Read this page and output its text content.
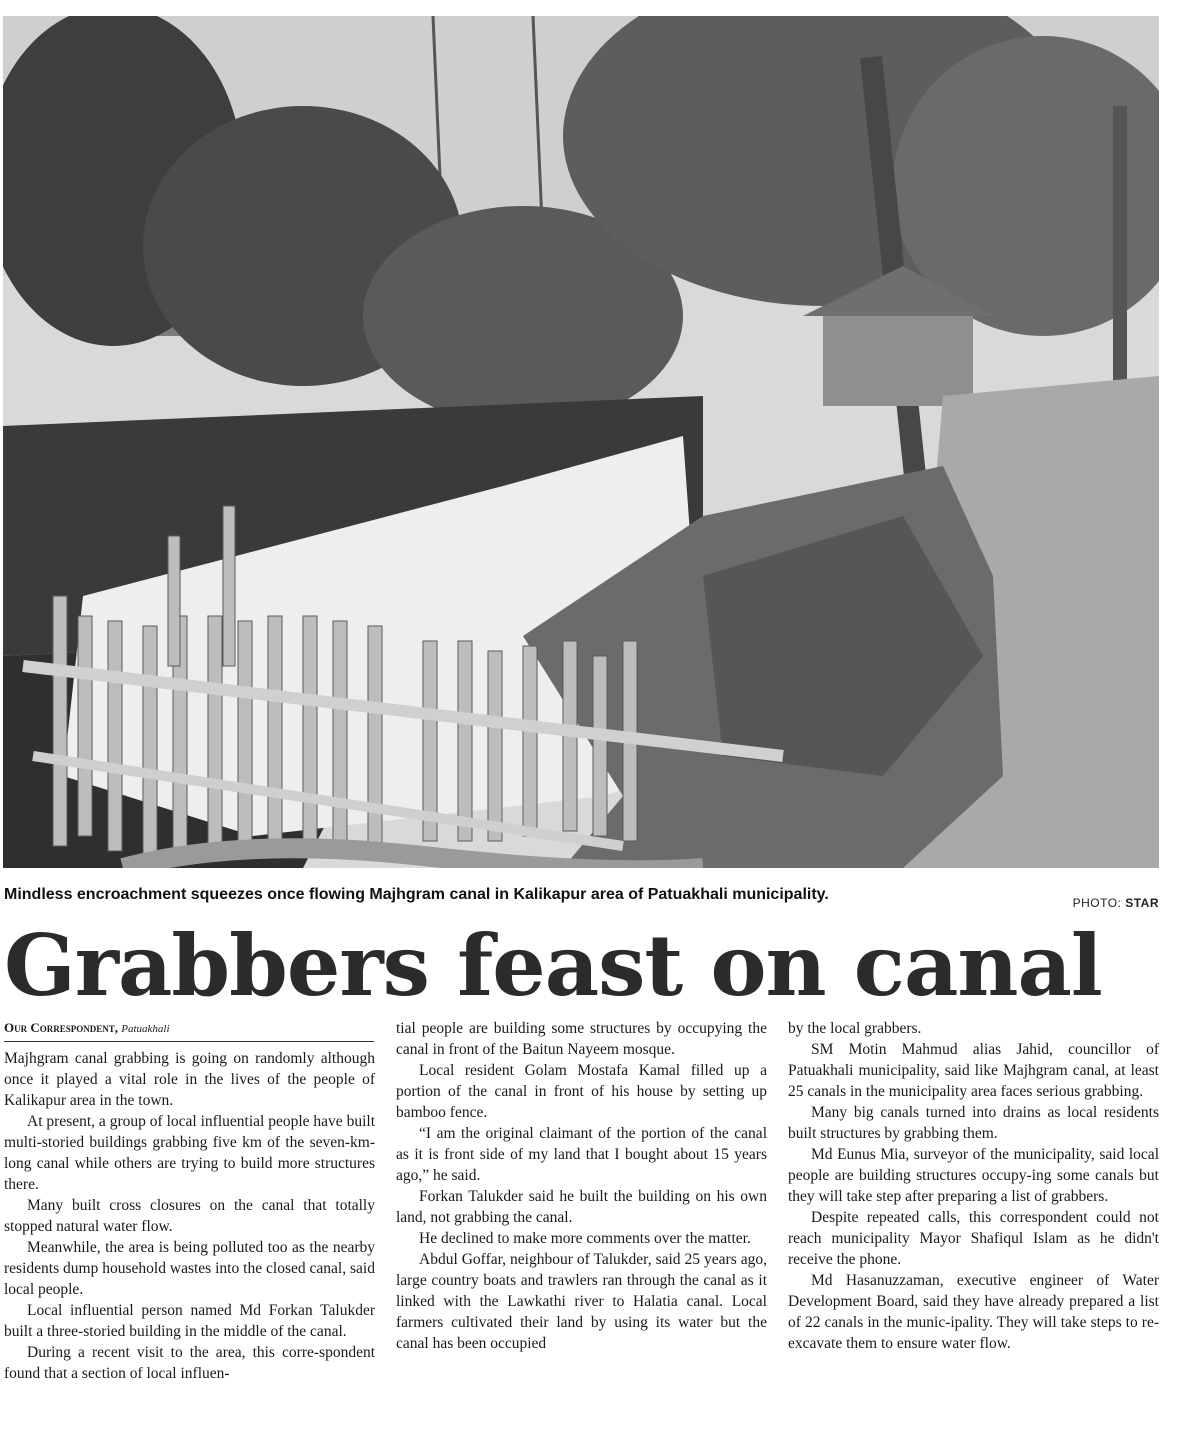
Mindless encroachment squeezes once flowing Majhgram canal in Kalikapur area of Patuakhali municipality.	PHOTO: STAR
Grabbers feast on canal
Our Correspondent, Patuakhali

Majhgram canal grabbing is going on randomly although once it played a vital role in the lives of the people of Kalikapur area in the town.

At present, a group of local influential people have built multi-storied buildings grabbing five km of the seven-km-long canal while others are trying to build more structures there.

Many built cross closures on the canal that totally stopped natural water flow.

Meanwhile, the area is being polluted too as the nearby residents dump household wastes into the closed canal, said local people.

Local influential person named Md Forkan Talukder built a three-storied building in the middle of the canal.

During a recent visit to the area, this corre-spondent found that a section of local influen-

tial people are building some structures by occupying the canal in front of the Baitun Nayeem mosque.

Local resident Golam Mostafa Kamal filled up a portion of the canal in front of his house by setting up bamboo fence.

“I am the original claimant of the portion of the canal as it is front side of my land that I bought about 15 years ago,” he said.

Forkan Talukder said he built the building on his own land, not grabbing the canal.

He declined to make more comments over the matter.

Abdul Goffar, neighbour of Talukder, said 25 years ago, large country boats and trawlers ran through the canal as it linked with the Lawkathi river to Halatia canal. Local farmers cultivated their land by using its water but the canal has been occupied

by the local grabbers.

SM Motin Mahmud alias Jahid, councillor of Patuakhali municipality, said like Majhgram canal, at least 25 canals in the municipality area faces serious grabbing.

Many big canals turned into drains as local residents built structures by grabbing them.

Md Eunus Mia, surveyor of the municipality, said local people are building structures occupy-ing some canals but they will take step after preparing a list of grabbers.

Despite repeated calls, this correspondent could not reach municipality Mayor Shafiqul Islam as he didn't receive the phone.

Md Hasanuzzaman, executive engineer of Water Development Board, said they have already prepared a list of 22 canals in the munic-ipality. They will take steps to re-excavate them to ensure water flow.
